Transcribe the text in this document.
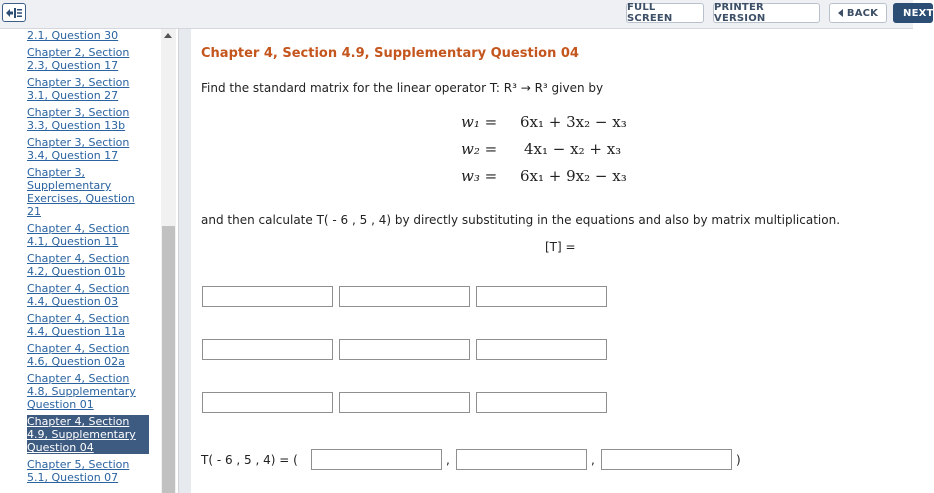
FULL SCREEN
PRINTER VERSION	BACK	NEXT
2.1, Question 30
Chapter 2, Section 2.3, Question 17
Chapter 3, Section 3.1, Question 27
Chapter 3, Section 3.3, Question 13b
Chapter 3, Section 3.4, Question 17
Chapter 3, Supplementary Exercises, Question 21
Chapter 4, Section 4.1, Question 11
Chapter 4, Section 4.2, Question 01b
Chapter 4, Section 4.4, Question 03
Chapter 4, Section 4.4, Question 11a
Chapter 4, Section 4.6, Question 02a
Chapter 4, Section 4.8, Supplementary Question 01
Chapter 4, Section 4.9, Supplementary Question 04
Chapter 5, Section 5.1, Question 07
Chapter 4, Section 4.9, Supplementary Question 04
Find the standard matrix for the linear operator T: R³ → R³ given by
w₁ = 6x₁ + 3x₂ − x₃
w₂ = 4x₁ − x₂ + x₃
w₃ = 6x₁ + 9x₂ − x₃
and then calculate T( - 6 , 5 , 4) by directly substituting in the equations and also by matrix multiplication.
[T] =
T( - 6 , 5 , 4) = (	,	,	)
